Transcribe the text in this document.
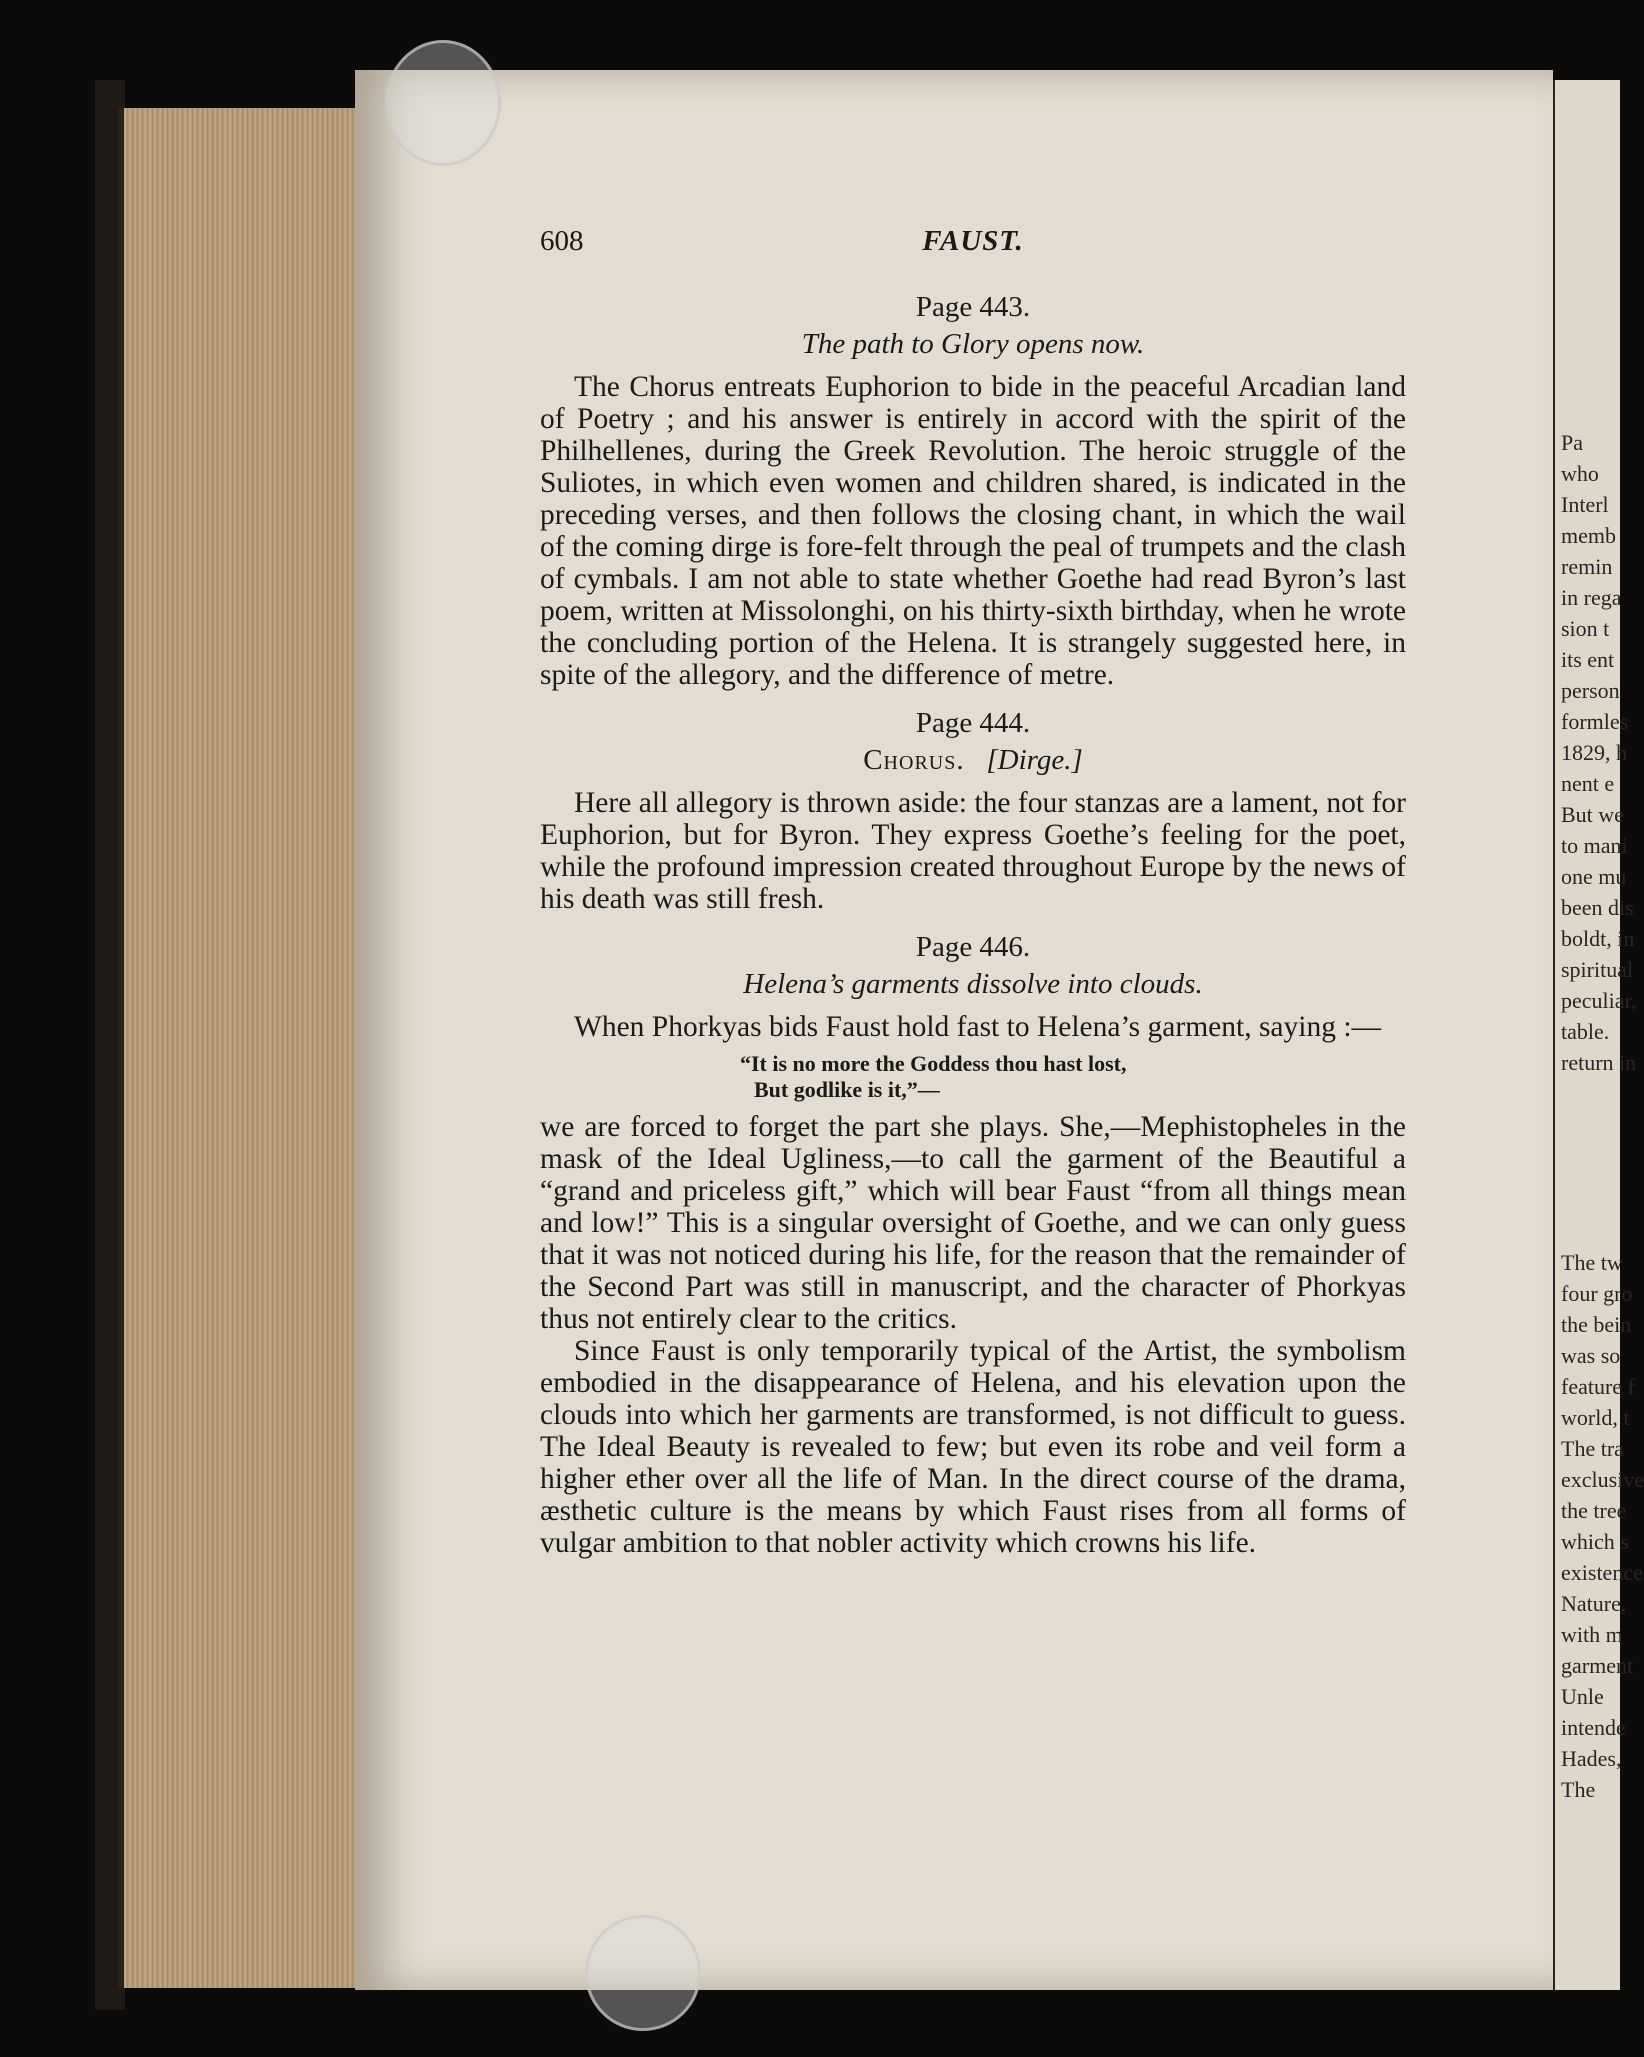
Pa
who
Interl
memb
remin
in rega
sion t
its ent
person
formles
1829, h
nent e
But we
to mani
one mu
been dis
boldt, in
spiritual
peculiar,
table.
return in
The tw
four gro
the bein
was so
feature f
world, t
The tra
exclusive
the tree
which s
existence
Nature,
with m
garment
Unle
intende
Hades,
The
608	FAUST.
Page 443.
The path to Glory opens now.

The Chorus entreats Euphorion to bide in the peaceful Arcadian land of Poetry ; and his answer is entirely in accord with the spirit of the Philhellenes, during the Greek Revolution. The heroic struggle of the Suliotes, in which even women and children shared, is indicated in the preceding verses, and then follows the closing chant, in which the wail of the coming dirge is fore-felt through the peal of trumpets and the clash of cymbals. I am not able to state whether Goethe had read Byron’s last poem, written at Missolonghi, on his thirty-sixth birthday, when he wrote the concluding portion of the Helena. It is strangely suggested here, in spite of the allegory, and the difference of metre.

Page 444.
Chorus. [Dirge.]

Here all allegory is thrown aside: the four stanzas are a lament, not for Euphorion, but for Byron. They express Goethe’s feeling for the poet, while the profound impression created throughout Europe by the news of his death was still fresh.

Page 446.
Helena’s garments dissolve into clouds.

When Phorkyas bids Faust hold fast to Helena’s garment, saying :—

“It is no more the Goddess thou hast lost,
But godlike is it,”—

we are forced to forget the part she plays. She,—Mephistopheles in the mask of the Ideal Ugliness,—to call the garment of the Beautiful a “grand and priceless gift,” which will bear Faust “from all things mean and low!” This is a singular oversight of Goethe, and we can only guess that it was not noticed during his life, for the reason that the remainder of the Second Part was still in manuscript, and the character of Phorkyas thus not entirely clear to the critics.

Since Faust is only temporarily typical of the Artist, the symbolism embodied in the disappearance of Helena, and his elevation upon the clouds into which her garments are transformed, is not difficult to guess. The Ideal Beauty is revealed to few; but even its robe and veil form a higher ether over all the life of Man. In the direct course of the drama, æsthetic culture is the means by which Faust rises from all forms of vulgar ambition to that nobler activity which crowns his life.
